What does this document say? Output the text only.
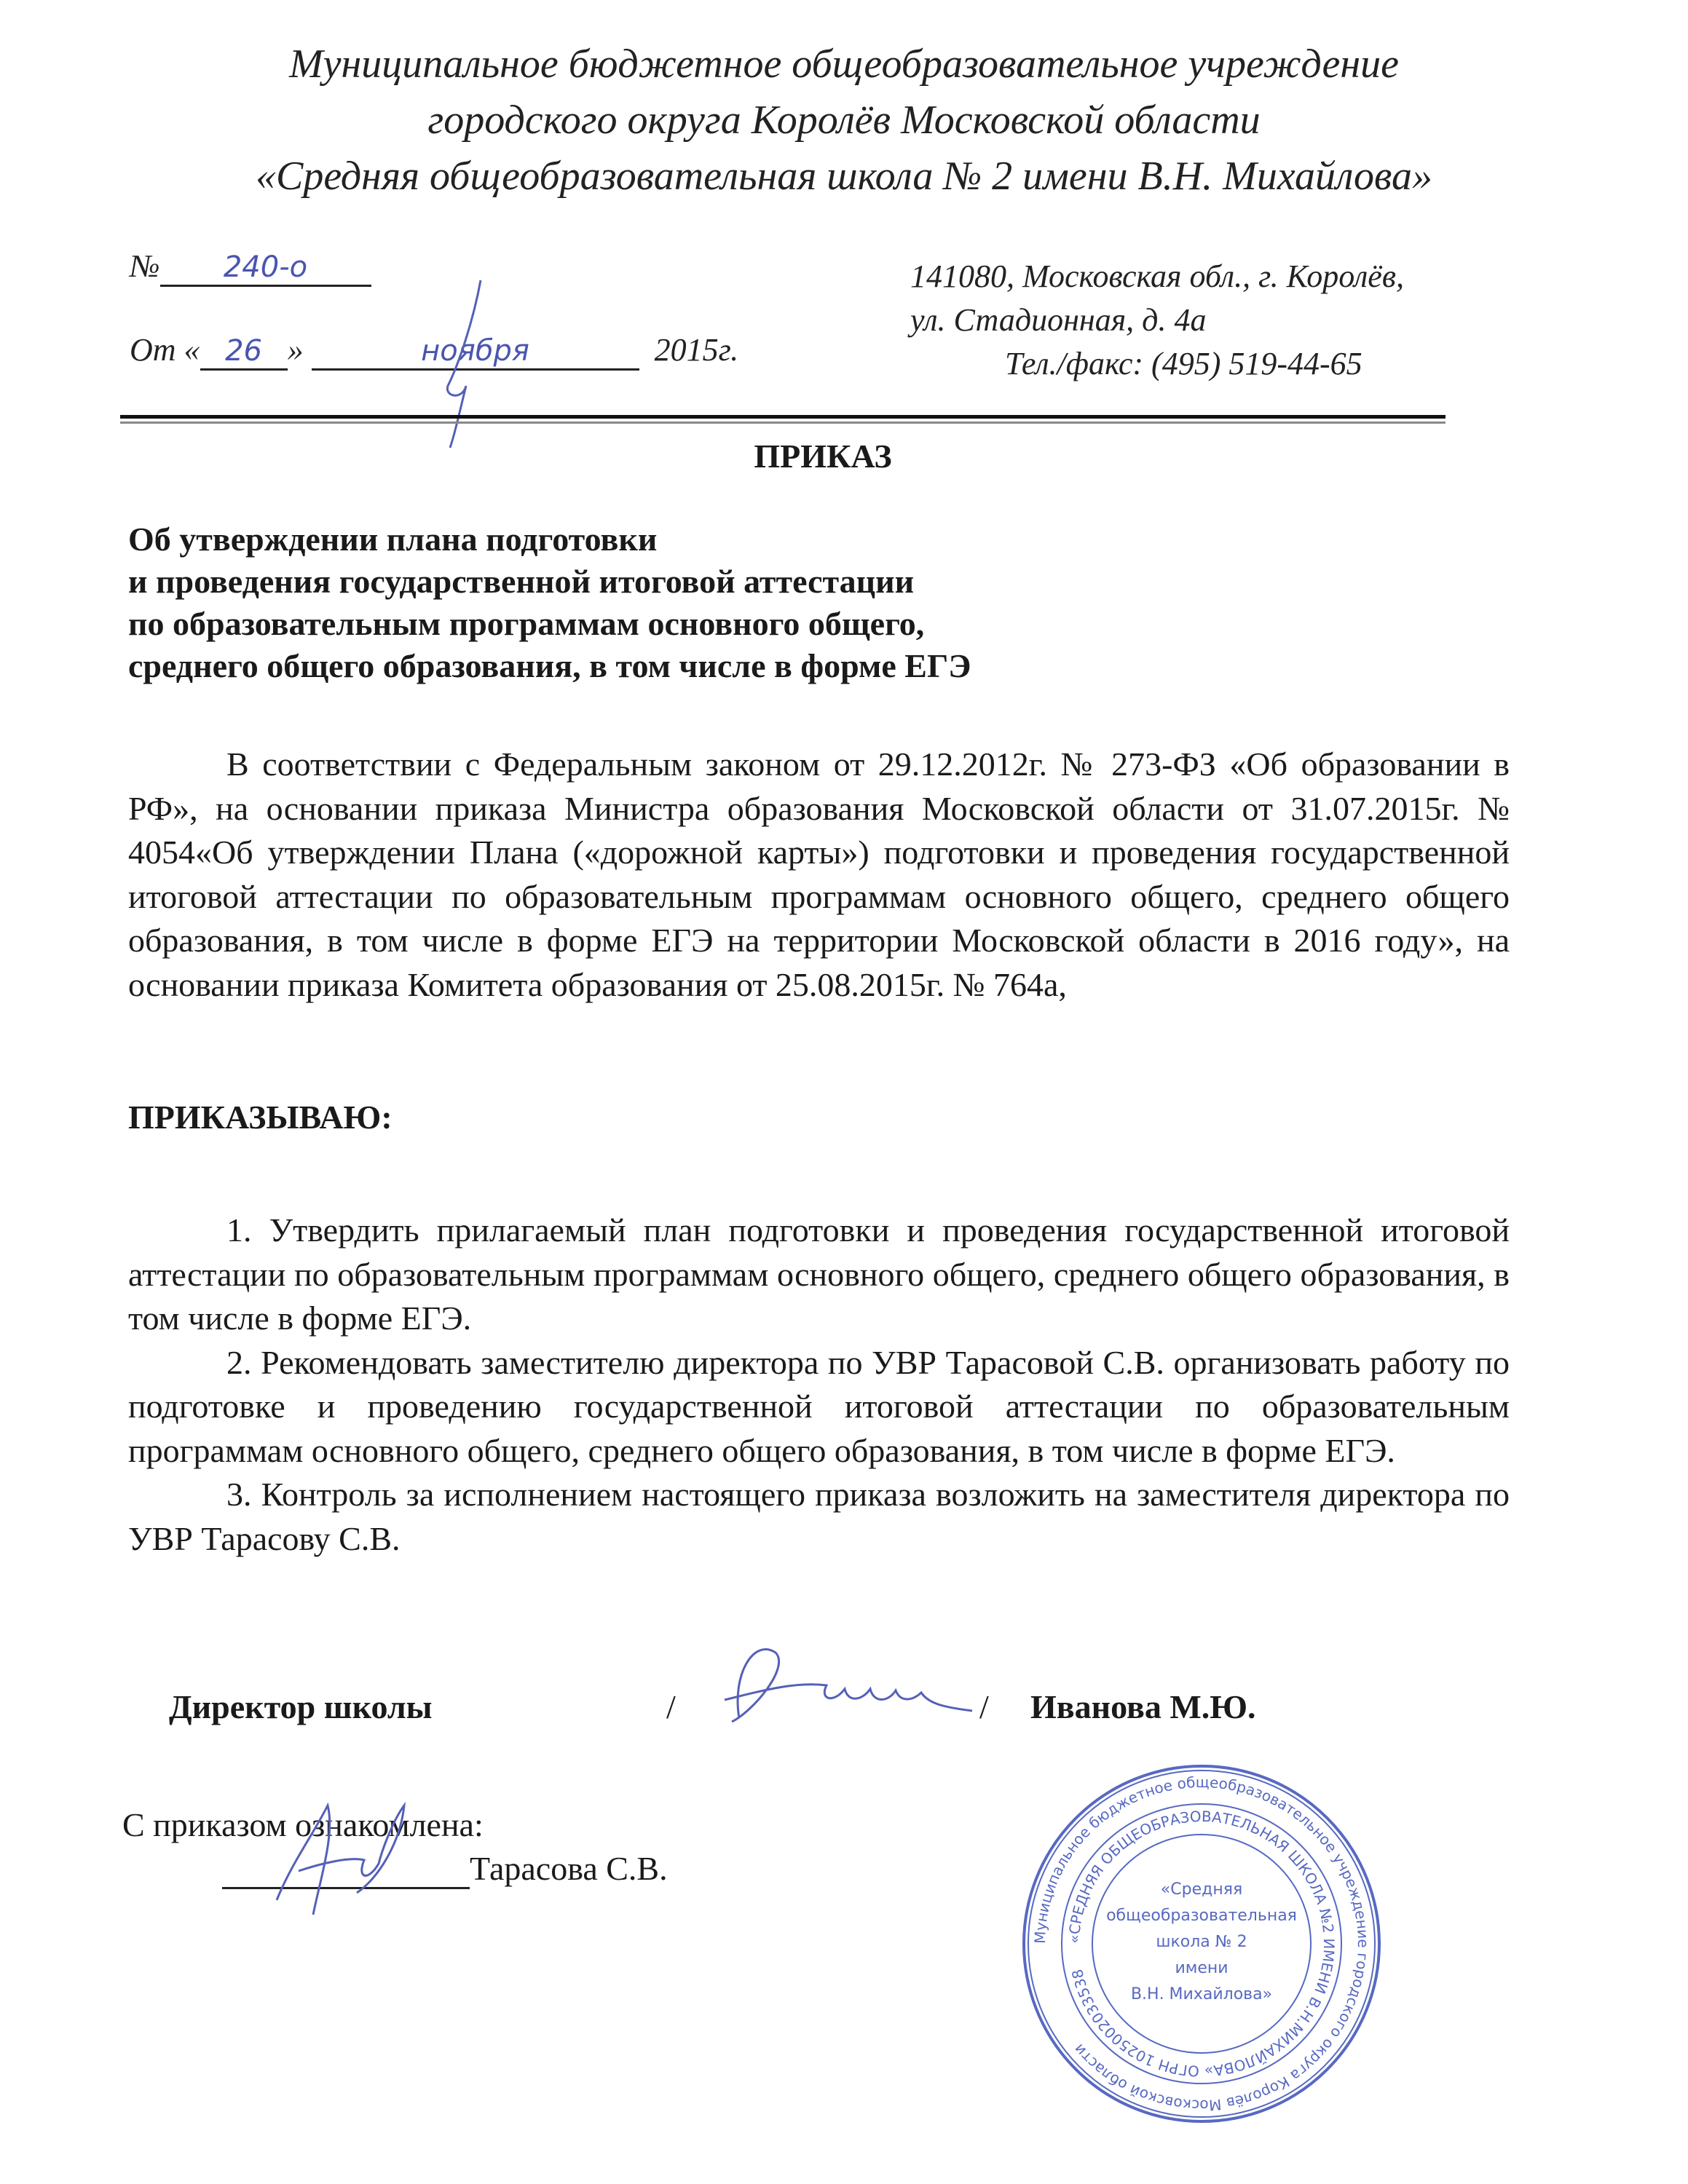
Муниципальное бюджетное общеобразовательное учреждение
городского округа Королёв Московской области
«Средняя общеобразовательная школа № 2 имени В.Н. Михайлова»
№ 240-о
От « 26 »	ноября	2015г.
141080, Московская обл., г. Королёв,
ул. Стадионная, д. 4а
Тел./факс: (495) 519-44-65
ПРИКАЗ
Об утверждении плана подготовки
и проведения государственной итоговой аттестации
по образовательным программам основного общего,
среднего общего образования, в том числе в форме ЕГЭ

В соответствии с Федеральным законом от 29.12.2012г. № 273-ФЗ «Об образовании в РФ», на основании приказа Министра образования Московской области от 31.07.2015г. № 4054«Об утверждении Плана («дорожной карты») подготовки и проведения государственной итоговой аттестации по образовательным программам основного общего, среднего общего образования, в том числе в форме ЕГЭ на территории Московской области в 2016 году», на основании приказа Комитета образования от 25.08.2015г. № 764а,

ПРИКАЗЫВАЮ:

1. Утвердить прилагаемый план подготовки и проведения государственной итоговой аттестации по образовательным программам основного общего, среднего общего образования, в том числе в форме ЕГЭ.

2. Рекомендовать заместителю директора по УВР Тарасовой С.В. организовать работу по подготовке и проведению государственной итоговой аттестации по образовательным программам основного общего, среднего общего образования, в том числе в форме ЕГЭ.

3. Контроль за исполнением настоящего приказа возложить на заместителя директора по УВР Тарасову С.В.

Директор школы	/	/ Иванова М.Ю.
С приказом ознакомлена:
Тарасова С.В.
Муниципальное бюджетное общеобразовательное учреждение городского округа Королёв Московской области
«СРЕДНЯЯ ОБЩЕОБРАЗОВАТЕЛЬНАЯ ШКОЛА №2 ИМЕНИ В.Н.МИХАЙЛОВА» ОГРН 1025002033538
«Средняя
общеобразовательная
школа № 2
имени
В.Н. Михайлова»
